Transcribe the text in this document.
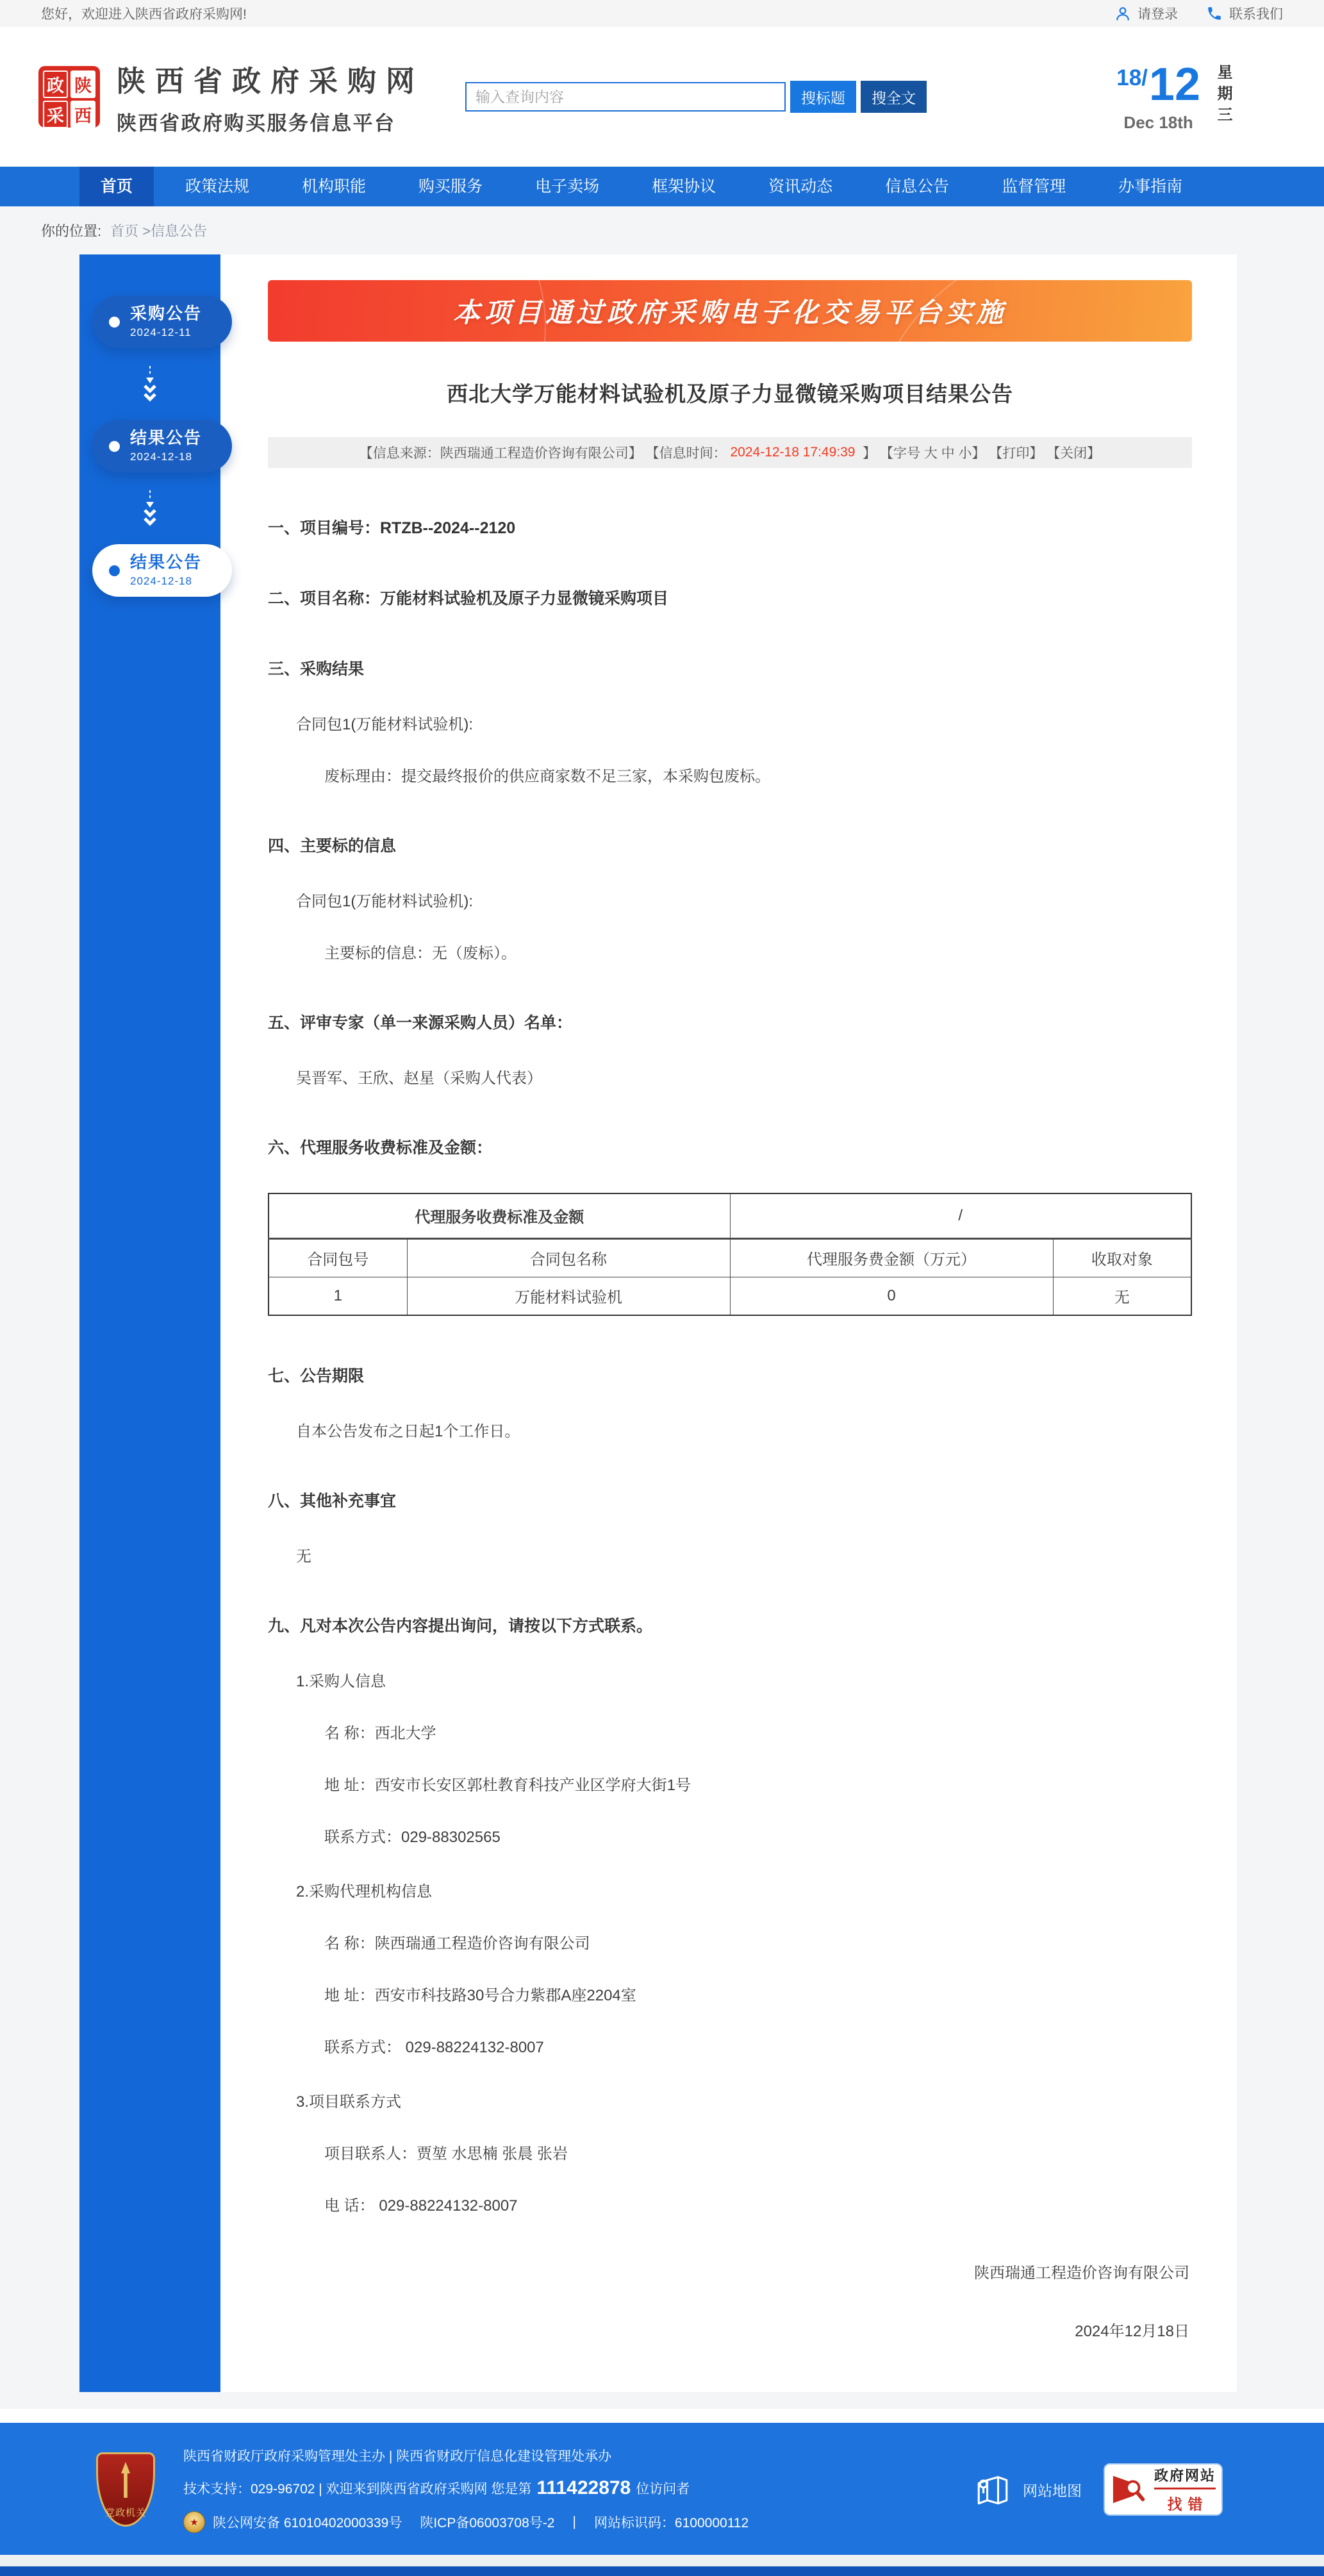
您好，欢迎进入陕西省政府采购网!	请登录	联系我们
政 陕
采 西
陕西省政府采购网
陕西省政府购买服务信息平台
输入查询内容
搜标题	搜全文
18 / 12
Dec 18th	星期三
首页	政策法规	机构职能	购买服务	电子卖场	框架协议	资讯动态	信息公告	监督管理	办事指南
你的位置: 首页 >信息公告
采购公告
2024-12-11
结果公告
2024-12-18
结果公告
2024-12-18
本项目通过政府采购电子化交易平台实施
西北大学万能材料试验机及原子力显微镜采购项目结果公告
【信息来源：陕西瑞通工程造价咨询有限公司】 【信息时间： 2024-12-18 17:49:39 】 【字号 大 中 小】 【打印】 【关闭】
一、项目编号：RTZB--2024--2120
二、项目名称：万能材料试验机及原子力显微镜采购项目
三、采购结果
合同包1(万能材料试验机):
废标理由：提交最终报价的供应商家数不足三家，本采购包废标。
四、主要标的信息
合同包1(万能材料试验机):
主要标的信息：无（废标）。
五、评审专家（单一来源采购人员）名单：
吴晋军、王欣、赵星（采购人代表）
六、代理服务收费标准及金额：
代理服务收费标准及金额		/	
合同包号	合同包名称	代理服务费金额（万元）	收取对象
1	万能材料试验机	0	无
七、公告期限
自本公告发布之日起1个工作日。
八、其他补充事宜
无
九、凡对本次公告内容提出询问，请按以下方式联系。
1.采购人信息
名 称：西北大学
地 址：西安市长安区郭杜教育科技产业区学府大街1号
联系方式：029-88302565
2.采购代理机构信息
名 称：陕西瑞通工程造价咨询有限公司
地 址：西安市科技路30号合力紫郡A座2204室
联系方式： 029-88224132-8007
3.项目联系方式
项目联系人：贾堃 水思楠 张晨 张岩
电 话： 029-88224132-8007
陕西瑞通工程造价咨询有限公司
2024年12月18日
党政机关
陕西省财政厅政府采购管理处主办 | 陕西省财政厅信息化建设管理处承办
技术支持：029-96702 | 欢迎来到陕西省政府采购网 您是第 111422878 位访问者
★	陕公网安备 61010402000339号 陕ICP备06003708号-2 | 网站标识码：6100000112
网站地图
政府网站
找错
